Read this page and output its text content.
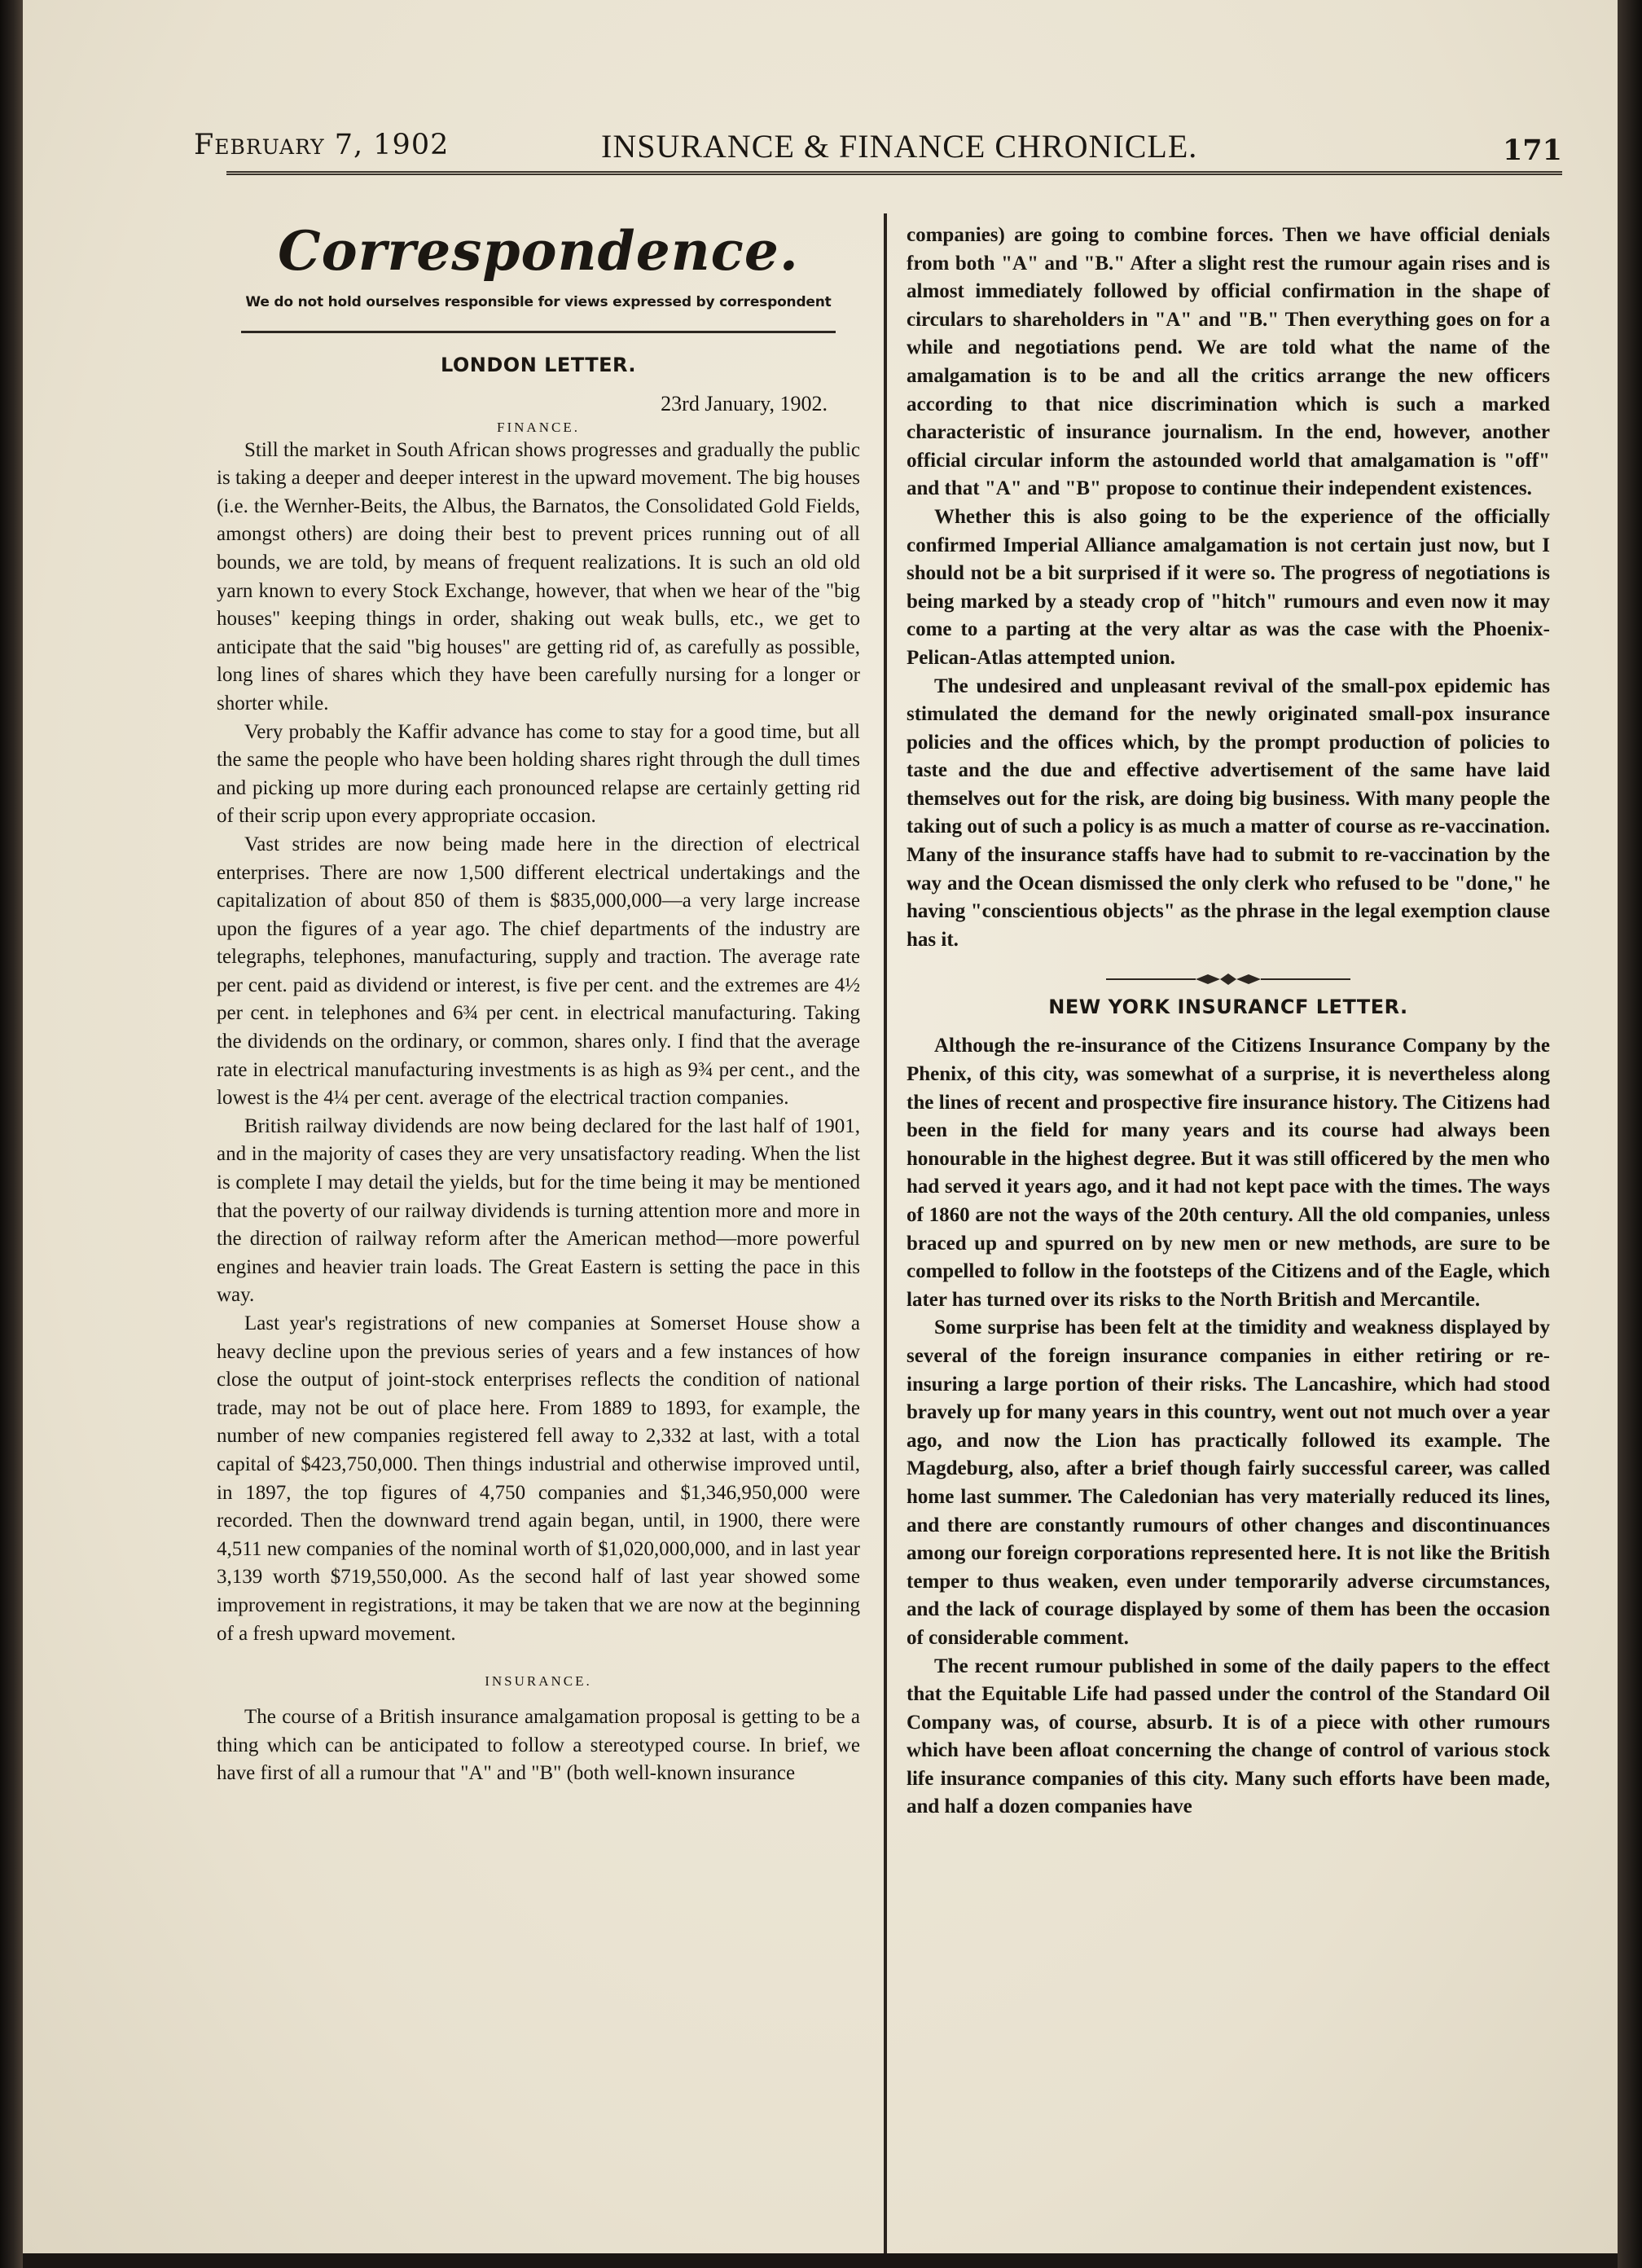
February 7, 1902	INSURANCE & FINANCE CHRONICLE.	171
Correspondence.

We do not hold ourselves responsible for views expressed by correspondent

LONDON LETTER.
23rd January, 1902.
FINANCE.

Still the market in South African shows progresses and gradually the public is taking a deeper and deeper interest in the upward movement. The big houses (i.e. the Wernher-Beits, the Albus, the Barnatos, the Consolidated Gold Fields, amongst others) are doing their best to prevent prices running out of all bounds, we are told, by means of frequent realizations. It is such an old old yarn known to every Stock Exchange, however, that when we hear of the "big houses" keeping things in order, shaking out weak bulls, etc., we get to anticipate that the said "big houses" are getting rid of, as carefully as possible, long lines of shares which they have been carefully nursing for a longer or shorter while.

Very probably the Kaffir advance has come to stay for a good time, but all the same the people who have been holding shares right through the dull times and picking up more during each pronounced relapse are certainly getting rid of their scrip upon every appropriate occasion.

Vast strides are now being made here in the direction of electrical enterprises. There are now 1,500 different electrical undertakings and the capitalization of about 850 of them is $835,000,000—a very large increase upon the figures of a year ago. The chief departments of the industry are telegraphs, telephones, manufacturing, supply and traction. The average rate per cent. paid as dividend or interest, is five per cent. and the extremes are 4½ per cent. in telephones and 6¾ per cent. in electrical manufacturing. Taking the dividends on the ordinary, or common, shares only. I find that the average rate in electrical manufacturing investments is as high as 9¾ per cent., and the lowest is the 4¼ per cent. average of the electrical traction companies.

British railway dividends are now being declared for the last half of 1901, and in the majority of cases they are very unsatisfactory reading. When the list is complete I may detail the yields, but for the time being it may be mentioned that the poverty of our railway dividends is turning attention more and more in the direction of railway reform after the American method—more powerful engines and heavier train loads. The Great Eastern is setting the pace in this way.

Last year's registrations of new companies at Somerset House show a heavy decline upon the previous series of years and a few instances of how close the output of joint-stock enterprises reflects the condition of national trade, may not be out of place here. From 1889 to 1893, for example, the number of new companies registered fell away to 2,332 at last, with a total capital of $423,750,000. Then things industrial and otherwise improved until, in 1897, the top figures of 4,750 companies and $1,346,950,000 were recorded. Then the downward trend again began, until, in 1900, there were 4,511 new companies of the nominal worth of $1,020,000,000, and in last year 3,139 worth $719,550,000. As the second half of last year showed some improvement in registrations, it may be taken that we are now at the beginning of a fresh upward movement.

INSURANCE.

The course of a British insurance amalgamation proposal is getting to be a thing which can be anticipated to follow a stereotyped course. In brief, we have first of all a rumour that "A" and "B" (both well-known insurance

companies) are going to combine forces. Then we have official denials from both "A" and "B." After a slight rest the rumour again rises and is almost immediately followed by official confirmation in the shape of circulars to shareholders in "A" and "B." Then everything goes on for a while and negotiations pend. We are told what the name of the amalgamation is to be and all the critics arrange the new officers according to that nice discrimination which is such a marked characteristic of insurance journalism. In the end, however, another official circular inform the astounded world that amalgamation is "off" and that "A" and "B" propose to continue their independent existences.

Whether this is also going to be the experience of the officially confirmed Imperial Alliance amalgamation is not certain just now, but I should not be a bit surprised if it were so. The progress of negotiations is being marked by a steady crop of "hitch" rumours and even now it may come to a parting at the very altar as was the case with the Phoenix-Pelican-Atlas attempted union.

The undesired and unpleasant revival of the small-pox epidemic has stimulated the demand for the newly originated small-pox insurance policies and the offices which, by the prompt production of policies to taste and the due and effective advertisement of the same have laid themselves out for the risk, are doing big business. With many people the taking out of such a policy is as much a matter of course as re-vaccination. Many of the insurance staffs have had to submit to re-vaccination by the way and the Ocean dismissed the only clerk who refused to be "done," he having "conscientious objects" as the phrase in the legal exemption clause has it.

NEW YORK INSURANCF LETTER.

Although the re-insurance of the Citizens Insurance Company by the Phenix, of this city, was somewhat of a surprise, it is nevertheless along the lines of recent and prospective fire insurance history. The Citizens had been in the field for many years and its course had always been honourable in the highest degree. But it was still officered by the men who had served it years ago, and it had not kept pace with the times. The ways of 1860 are not the ways of the 20th century. All the old companies, unless braced up and spurred on by new men or new methods, are sure to be compelled to follow in the footsteps of the Citizens and of the Eagle, which later has turned over its risks to the North British and Mercantile.

Some surprise has been felt at the timidity and weakness displayed by several of the foreign insurance companies in either retiring or re-insuring a large portion of their risks. The Lancashire, which had stood bravely up for many years in this country, went out not much over a year ago, and now the Lion has practically followed its example. The Magdeburg, also, after a brief though fairly successful career, was called home last summer. The Caledonian has very materially reduced its lines, and there are constantly rumours of other changes and discontinuances among our foreign corporations represented here. It is not like the British temper to thus weaken, even under temporarily adverse circumstances, and the lack of courage displayed by some of them has been the occasion of considerable comment.

The recent rumour published in some of the daily papers to the effect that the Equitable Life had passed under the control of the Standard Oil Company was, of course, absurb. It is of a piece with other rumours which have been afloat concerning the change of control of various stock life insurance companies of this city. Many such efforts have been made, and half a dozen companies have
